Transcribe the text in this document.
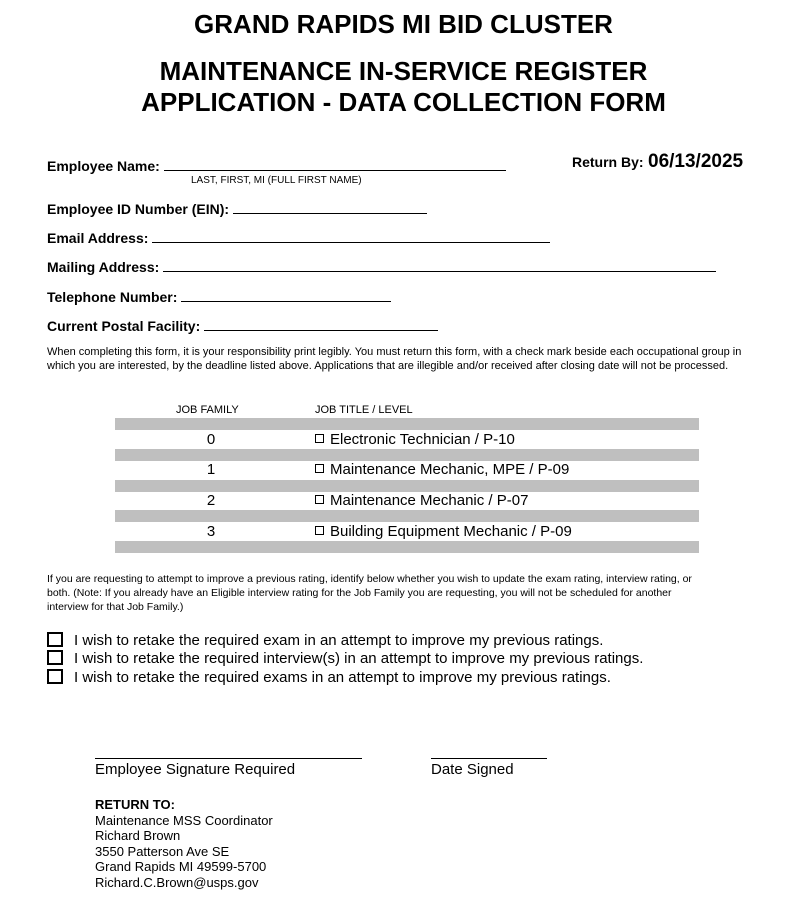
GRAND RAPIDS MI BID CLUSTER
MAINTENANCE IN-SERVICE REGISTER
APPLICATION - DATA COLLECTION FORM
Employee Name:
LAST, FIRST, MI (FULL FIRST NAME)
Return By: 06/13/2025
Employee ID Number (EIN):
Email Address:
Mailing Address:
Telephone Number:
Current Postal Facility:
When completing this form, it is your responsibility print legibly. You must return this form, with a check mark beside each occupational group in which you are interested, by the deadline listed above. Applications that are illegible and/or received after closing date will not be processed.
JOB FAMILY	JOB TITLE / LEVEL
0	Electronic Technician / P-10
1	Maintenance Mechanic, MPE / P-09
2	Maintenance Mechanic / P-07
3	Building Equipment Mechanic / P-09
If you are requesting to attempt to improve a previous rating, identify below whether you wish to update the exam rating, interview rating, or both. (Note: If you already have an Eligible interview rating for the Job Family you are requesting, you will not be scheduled for another interview for that Job Family.)
I wish to retake the required exam in an attempt to improve my previous ratings.
I wish to retake the required interview(s) in an attempt to improve my previous ratings.
I wish to retake the required exams in an attempt to improve my previous ratings.
Employee Signature Required	Date Signed
RETURN TO:
Maintenance MSS Coordinator
Richard Brown
3550 Patterson Ave SE
Grand Rapids MI 49599-5700
Richard.C.Brown@usps.gov
